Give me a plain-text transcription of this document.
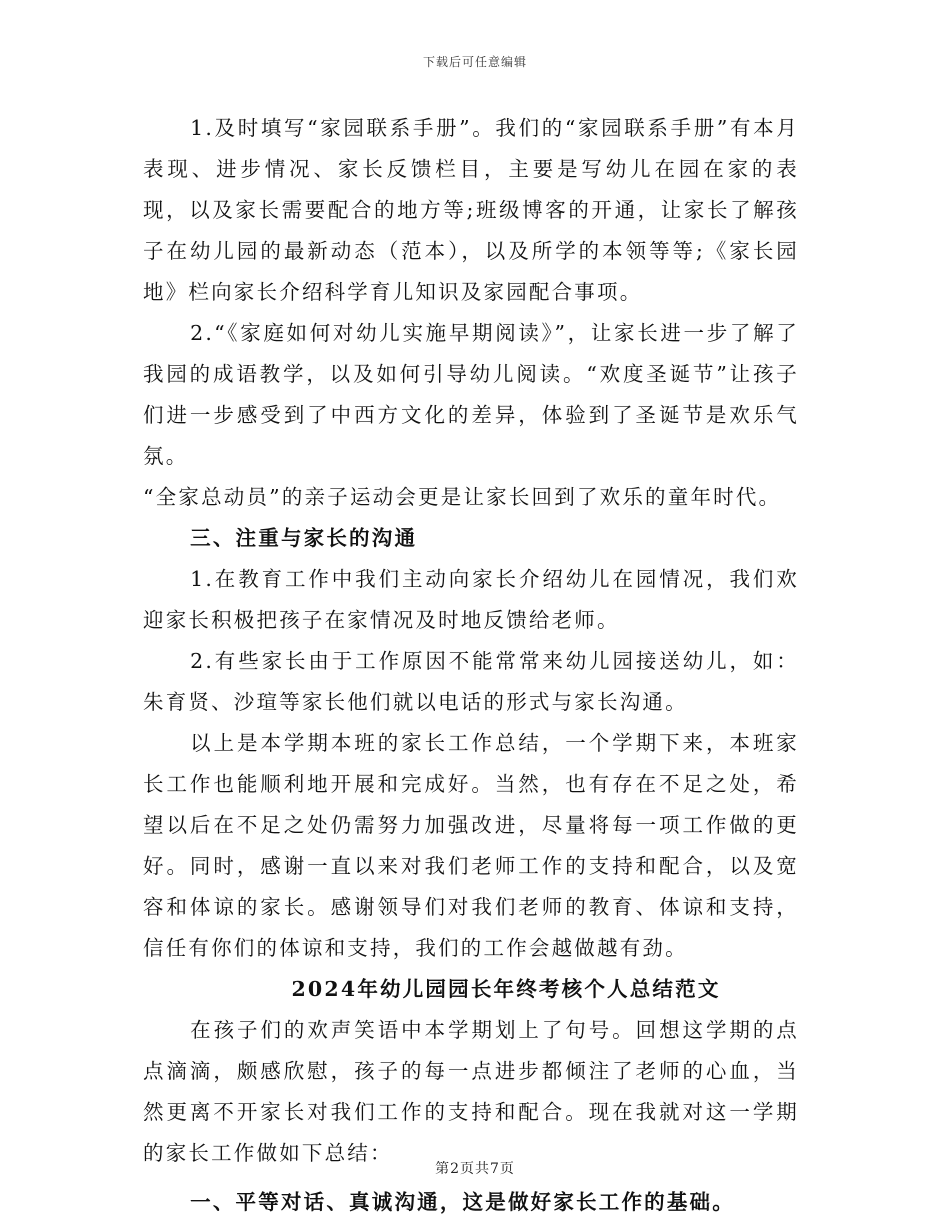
下载后可任意编辑

1.及时填写“家园联系手册”。我们的“家园联系手册”有本月表现、进步情况、家长反馈栏目，主要是写幼儿在园在家的表现，以及家长需要配合的地方等;班级博客的开通，让家长了解孩子在幼儿园的最新动态（范本），以及所学的本领等等;《家长园地》栏向家长介绍科学育儿知识及家园配合事项。

2.“《家庭如何对幼儿实施早期阅读》”，让家长进一步了解了我园的成语教学，以及如何引导幼儿阅读。“欢度圣诞节”让孩子们进一步感受到了中西方文化的差异，体验到了圣诞节是欢乐气氛。

“全家总动员”的亲子运动会更是让家长回到了欢乐的童年时代。

三、注重与家长的沟通

1.在教育工作中我们主动向家长介绍幼儿在园情况，我们欢迎家长积极把孩子在家情况及时地反馈给老师。

2.有些家长由于工作原因不能常常来幼儿园接送幼儿，如：朱育贤、沙瑄等家长他们就以电话的形式与家长沟通。

以上是本学期本班的家长工作总结，一个学期下来，本班家长工作也能顺利地开展和完成好。当然，也有存在不足之处，希望以后在不足之处仍需努力加强改进，尽量将每一项工作做的更好。同时，感谢一直以来对我们老师工作的支持和配合，以及宽容和体谅的家长。感谢领导们对我们老师的教育、体谅和支持，信任有你们的体谅和支持，我们的工作会越做越有劲。

2024年幼儿园园长年终考核个人总结范文

在孩子们的欢声笑语中本学期划上了句号。回想这学期的点点滴滴，颇感欣慰，孩子的每一点进步都倾注了老师的心血，当然更离不开家长对我们工作的支持和配合。现在我就对这一学期的家长工作做如下总结：

一、平等对话、真诚沟通，这是做好家长工作的基础。

第2页共7页
